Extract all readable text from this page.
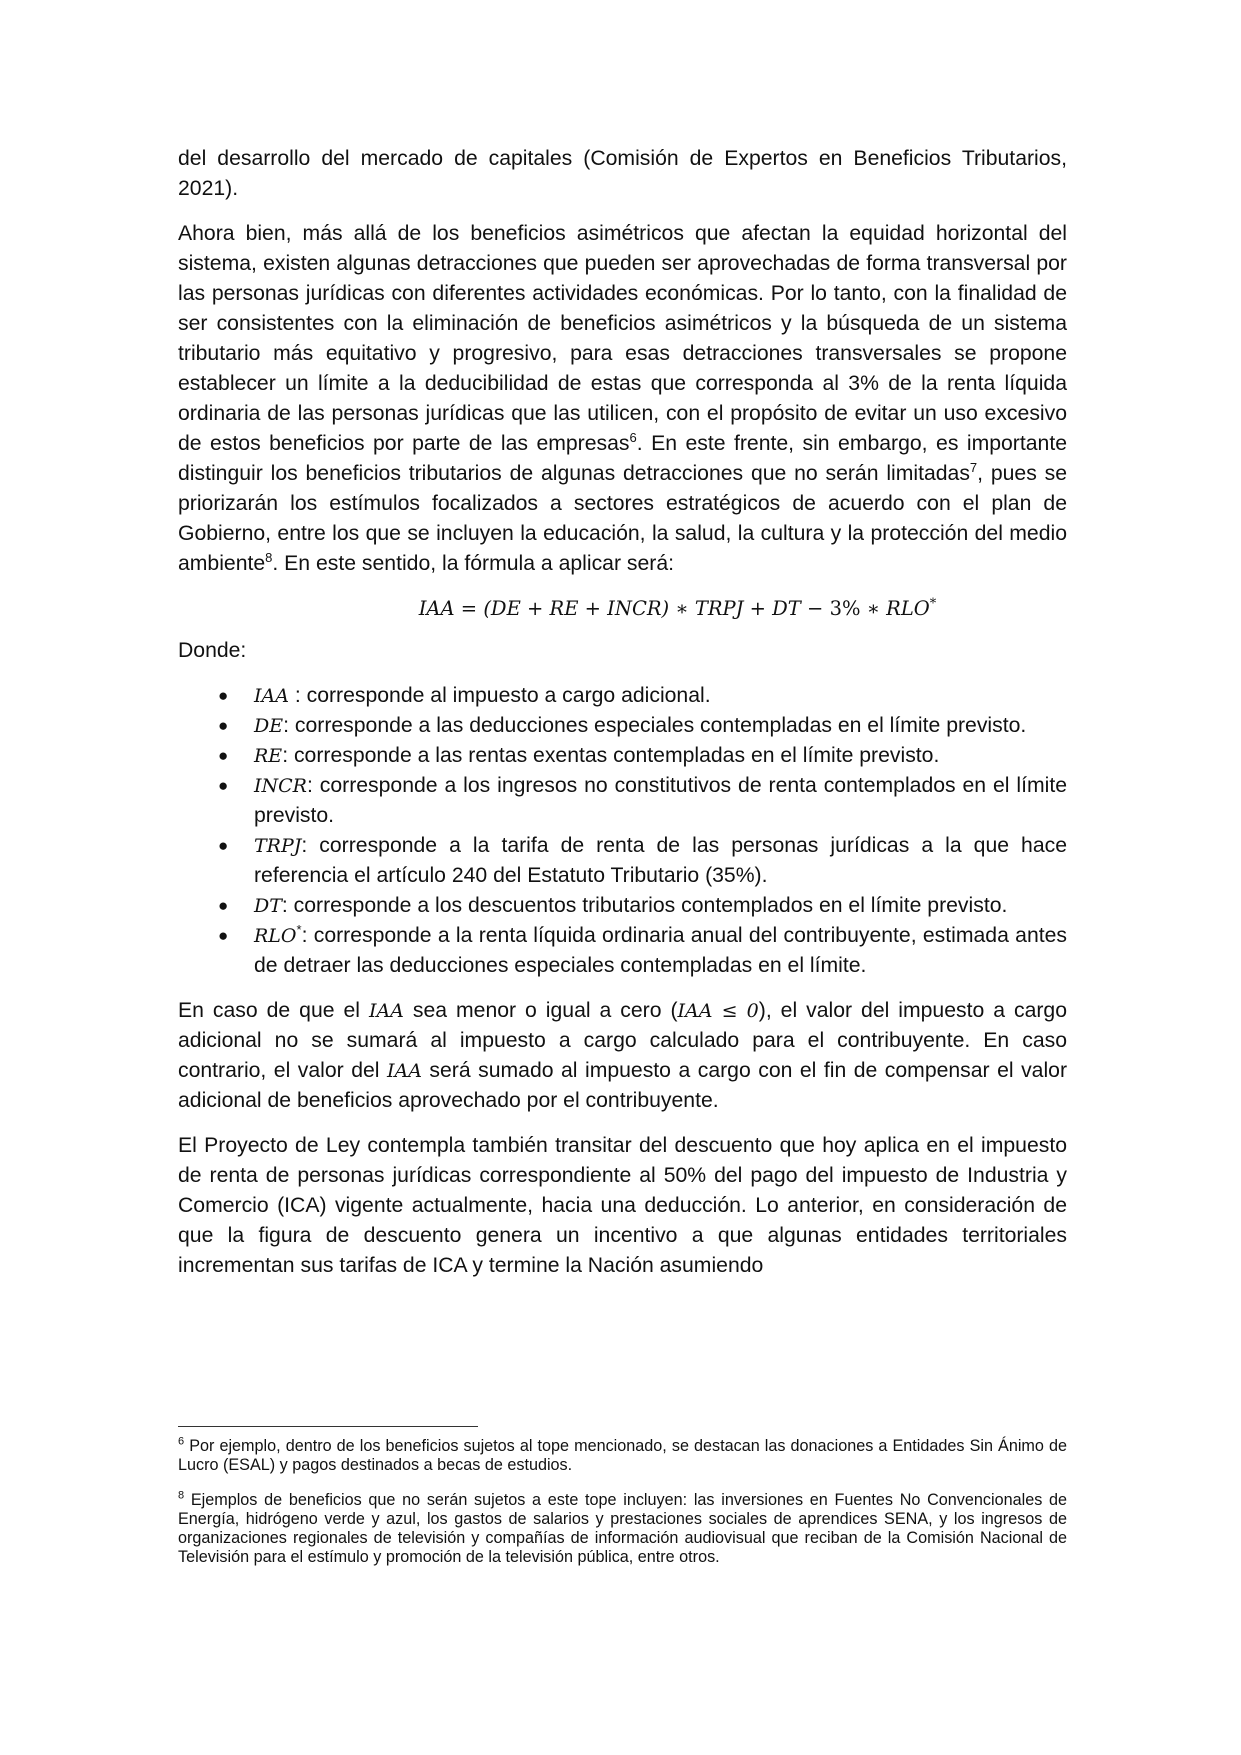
del desarrollo del mercado de capitales (Comisión de Expertos en Beneficios Tributarios, 2021).

Ahora bien, más allá de los beneficios asimétricos que afectan la equidad horizontal del sistema, existen algunas detracciones que pueden ser aprovechadas de forma transversal por las personas jurídicas con diferentes actividades económicas. Por lo tanto, con la finalidad de ser consistentes con la eliminación de beneficios asimétricos y la búsqueda de un sistema tributario más equitativo y progresivo, para esas detracciones transversales se propone establecer un límite a la deducibilidad de estas que corresponda al 3% de la renta líquida ordinaria de las personas jurídicas que las utilicen, con el propósito de evitar un uso excesivo de estos beneficios por parte de las empresas$^6$. En este frente, sin embargo, es importante distinguir los beneficios tributarios de algunas detracciones que no serán limitadas$^7$, pues se priorizarán los estímulos focalizados a sectores estratégicos de acuerdo con el plan de Gobierno, entre los que se incluyen la educación, la salud, la cultura y la protección del medio ambiente$^8$. En este sentido, la fórmula a aplicar será:

IAA = (DE + RE + INCR) ∗ TRPJ + DT − 3% ∗ RLO*

Donde:

● IAA : corresponde al impuesto a cargo adicional.
● DE: corresponde a las deducciones especiales contempladas en el límite previsto.
● RE: corresponde a las rentas exentas contempladas en el límite previsto.
● INCR: corresponde a los ingresos no constitutivos de renta contemplados en el límite previsto.
● TRPJ: corresponde a la tarifa de renta de las personas jurídicas a la que hace referencia el artículo 240 del Estatuto Tributario (35%).
● DT: corresponde a los descuentos tributarios contemplados en el límite previsto.
● RLO*: corresponde a la renta líquida ordinaria anual del contribuyente, estimada antes de detraer las deducciones especiales contempladas en el límite.

En caso de que el IAA sea menor o igual a cero (IAA ≤ 0), el valor del impuesto a cargo adicional no se sumará al impuesto a cargo calculado para el contribuyente. En caso contrario, el valor del IAA será sumado al impuesto a cargo con el fin de compensar el valor adicional de beneficios aprovechado por el contribuyente.

El Proyecto de Ley contempla también transitar del descuento que hoy aplica en el impuesto de renta de personas jurídicas correspondiente al 50% del pago del impuesto de Industria y Comercio (ICA) vigente actualmente, hacia una deducción. Lo anterior, en consideración de que la figura de descuento genera un incentivo a que algunas entidades territoriales incrementan sus tarifas de ICA y termine la Nación asumiendo

$^6$ Por ejemplo, dentro de los beneficios sujetos al tope mencionado, se destacan las donaciones a Entidades Sin Ánimo de Lucro (ESAL) y pagos destinados a becas de estudios.

$^8$ Ejemplos de beneficios que no serán sujetos a este tope incluyen: las inversiones en Fuentes No Convencionales de Energía, hidrógeno verde y azul, los gastos de salarios y prestaciones sociales de aprendices SENA, y los ingresos de organizaciones regionales de televisión y compañías de información audiovisual que reciban de la Comisión Nacional de Televisión para el estímulo y promoción de la televisión pública, entre otros.
